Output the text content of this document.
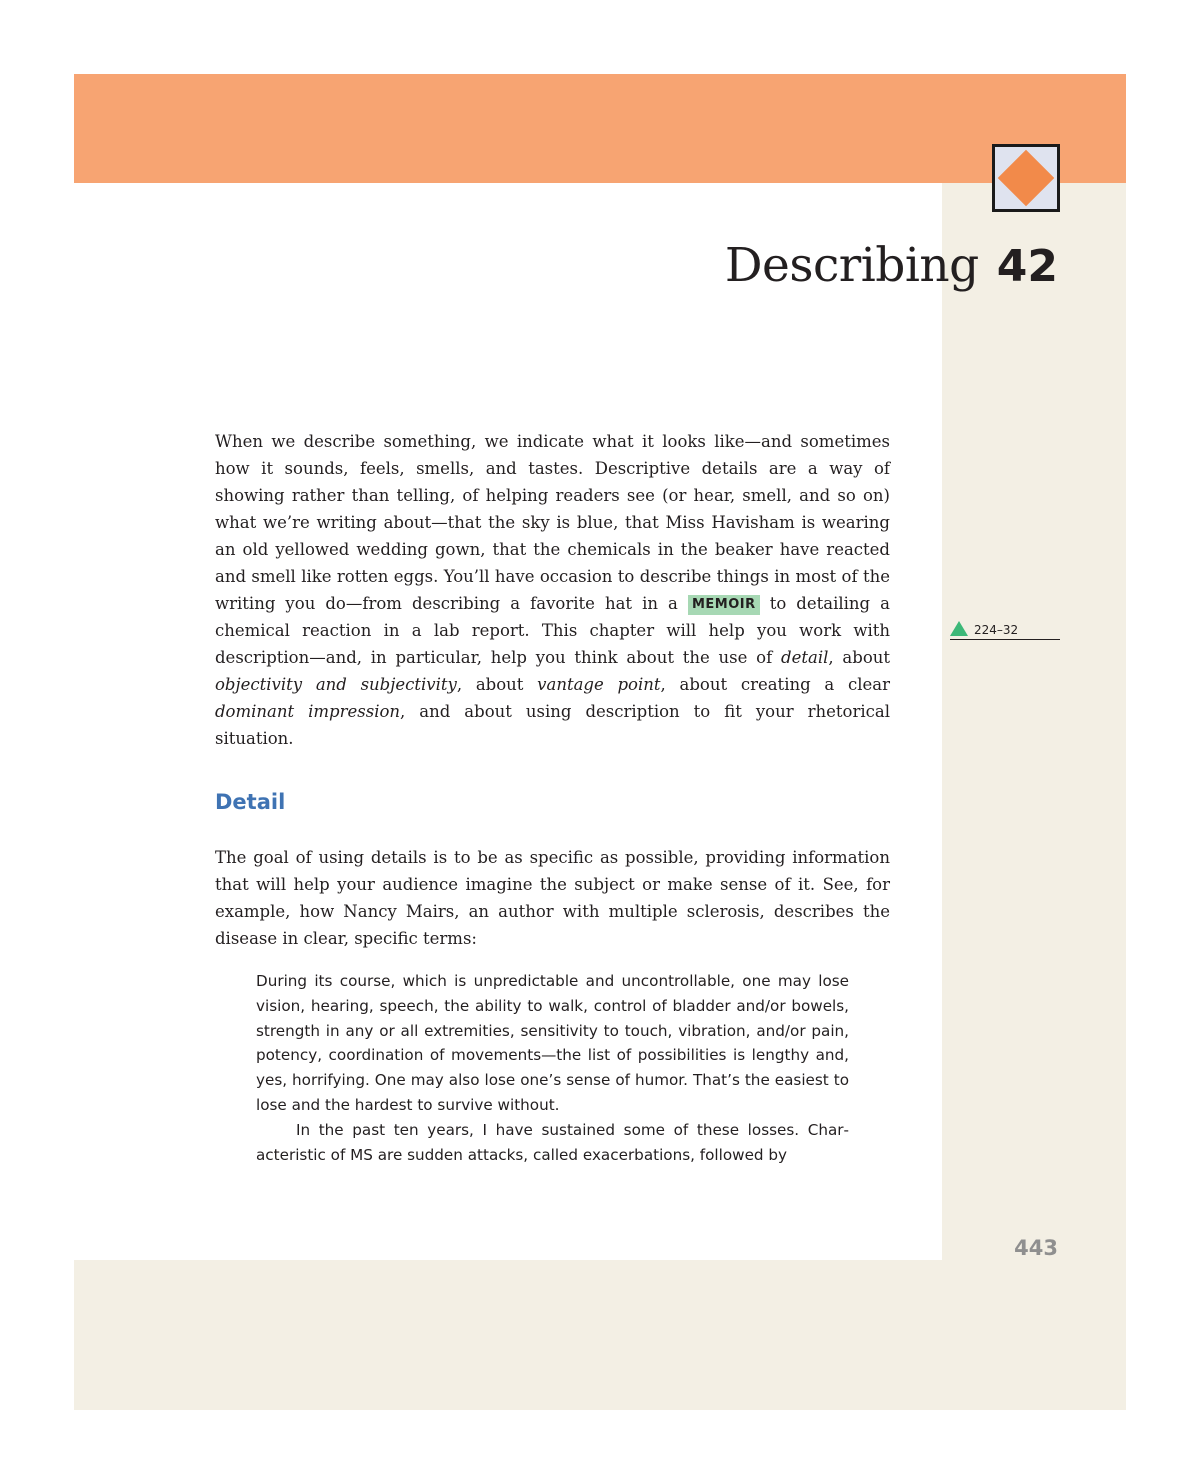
Describing 42

When we describe something, we indicate what it looks like—and sometimes how it sounds, feels, smells, and tastes. Descriptive details are a way of showing rather than telling, of helping readers see (or hear, smell, and so on) what we’re writing about—that the sky is blue, that Miss Havisham is wearing an old yellowed wedding gown, that the chemicals in the beaker have reacted and smell like rotten eggs. You’ll have occasion to describe things in most of the writing you do—from describing a favorite hat in a MEMOIR to detailing a chemical reaction in a lab report. This chapter will help you work with description—and, in particular, help you think about the use of detail, about objectivity and subjectivity, about vantage point, about creating a clear dominant impression, and about using description to fit your rhetorical situation.

224–32
Detail

The goal of using details is to be as specific as possible, providing information that will help your audience imagine the subject or make sense of it. See, for example, how Nancy Mairs, an author with multiple sclerosis, describes the disease in clear, specific terms:

During its course, which is unpredictable and uncontrollable, one may lose vision, hearing, speech, the ability to walk, control of bladder and/or bowels, strength in any or all extremities, sensitivity to touch, vibration, and/or pain, potency, coordination of movements—the list of possibilities is lengthy and, yes, horrifying. One may also lose one’s sense of humor. That’s the easiest to lose and the hardest to survive without.

In the past ten years, I have sustained some of these losses. Characteristic of MS are sudden attacks, called exacerbations, followed by

443
